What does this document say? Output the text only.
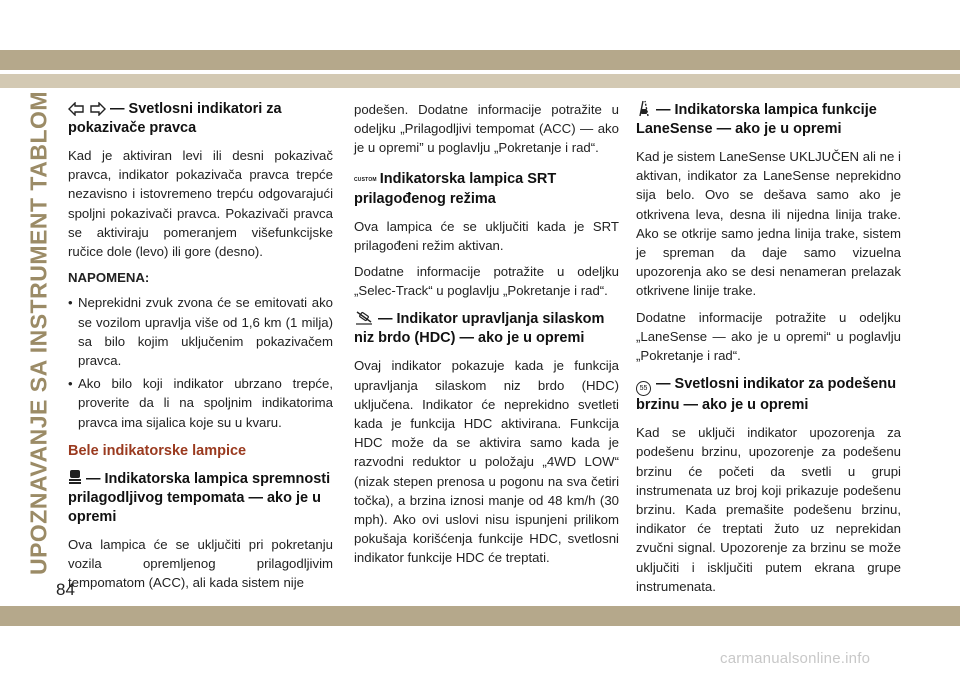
UPOZNAVANJE SA INSTRUMENT TABLOM
84
— Svetlosni indikatori za pokazivače pravca

Kad je aktiviran levi ili desni pokazivač pravca, indikator pokazivača pravca trepće nezavisno i istovremeno trepću odgovarajući spoljni pokazivači pravca. Pokazivači pravca se aktiviraju pomeranjem višefunkcijske ručice dole (levo) ili gore (desno).

NAPOMENA:
• Neprekidni zvuk zvona će se emitovati ako se vozilom upravlja više od 1,6 km (1 milja) sa bilo kojim uključenim pokazivačem pravca.
• Ako bilo koji indikator ubrzano trepće, proverite da li na spoljnim indikatorima pravca ima sijalica koje su u kvaru.
Bele indikatorske lampice
— Indikatorska lampica spremnosti prilagodljivog tempomata — ako je u opremi

Ova lampica će se uključiti pri pokretanju vozila opremljenog prilagodljivim tempomatom (ACC), ali kada sistem nije

podešen. Dodatne informacije potražite u odeljku „Prilagodljivi tempomat (ACC) — ako je u opremi” u poglavlju „Pokretanje i rad“.

CUSTOM Indikatorska lampica SRT prilagođenog režima

Ova lampica će se uključiti kada je SRT prilagođeni režim aktivan.

Dodatne informacije potražite u odeljku „Selec-Track“ u poglavlju „Pokretanje i rad“.

— Indikator upravljanja silaskom niz brdo (HDC) — ako je u opremi

Ovaj indikator pokazuje kada je funkcija upravljanja silaskom niz brdo (HDC) uključena. Indikator će neprekidno svetleti kada je funkcija HDC aktivirana. Funkcija HDC može da se aktivira samo kada je razvodni reduktor u položaju „4WD LOW“ (nizak stepen prenosa u pogonu na sva četiri točka), a brzina iznosi manje od 48 km/h (30 mph). Ako ovi uslovi nisu ispunjeni prilikom pokušaja korišćenja funkcije HDC, svetlosni indikator funkcije HDC će treptati.

— Indikatorska lampica funkcije LaneSense — ako je u opremi

Kad je sistem LaneSense UKLJUČEN ali ne i aktivan, indikator za LaneSense neprekidno sija belo. Ovo se dešava samo ako je otkrivena leva, desna ili nijedna linija trake. Ako se otkrije samo jedna linija trake, sistem je spreman da daje samo vizuelna upozorenja ako se desi nenameran prelazak otkrivene linije trake.

Dodatne informacije potražite u odeljku „LaneSense — ako je u opremi“ u poglavlju „Pokretanje i rad“.

55 — Svetlosni indikator za podešenu brzinu — ako je u opremi

Kad se uključi indikator upozorenja za podešenu brzinu, upozorenje za podešenu brzinu će početi da svetli u grupi instrumenata uz broj koji prikazuje podešenu brzinu. Kada premašite podešenu brzinu, indikator će treptati žuto uz neprekidan zvučni signal. Upozorenje za brzinu se može uključiti i isključiti putem ekrana grupe instrumenata.

carmanualsonline.info
